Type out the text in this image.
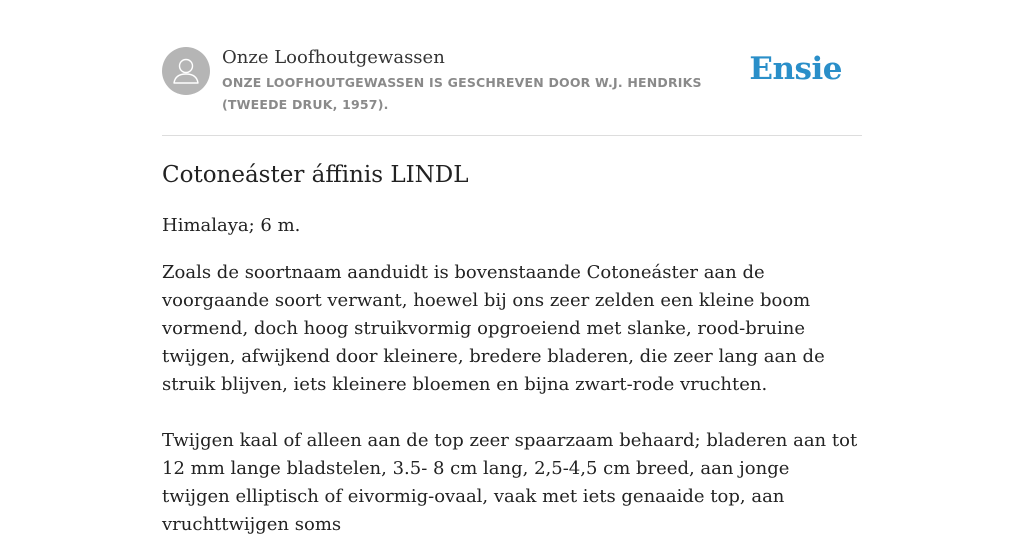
Onze Loofhoutgewassen
ONZE LOOFHOUTGEWASSEN IS GESCHREVEN DOOR W.J. HENDRIKS (TWEEDE DRUK, 1957).
Ensie
Cotoneáster áffinis LINDL

Himalaya; 6 m.

Zoals de soortnaam aanduidt is bovenstaande Cotoneáster aan de voorgaande soort verwant, hoewel bij ons zeer zelden een kleine boom vormend, doch hoog struikvormig opgroeiend met slanke, rood-bruine twijgen, afwijkend door kleinere, bredere bladeren, die zeer lang aan de struik blijven, iets kleinere bloemen en bijna zwart-rode vruchten.

Twijgen kaal of alleen aan de top zeer spaarzaam behaard; bladeren aan tot 12 mm lange bladstelen, 3.5- 8 cm lang, 2,5-4,5 cm breed, aan jonge twijgen elliptisch of eivormig-ovaal, vaak met iets genaaide top, aan vruchttwijgen soms
